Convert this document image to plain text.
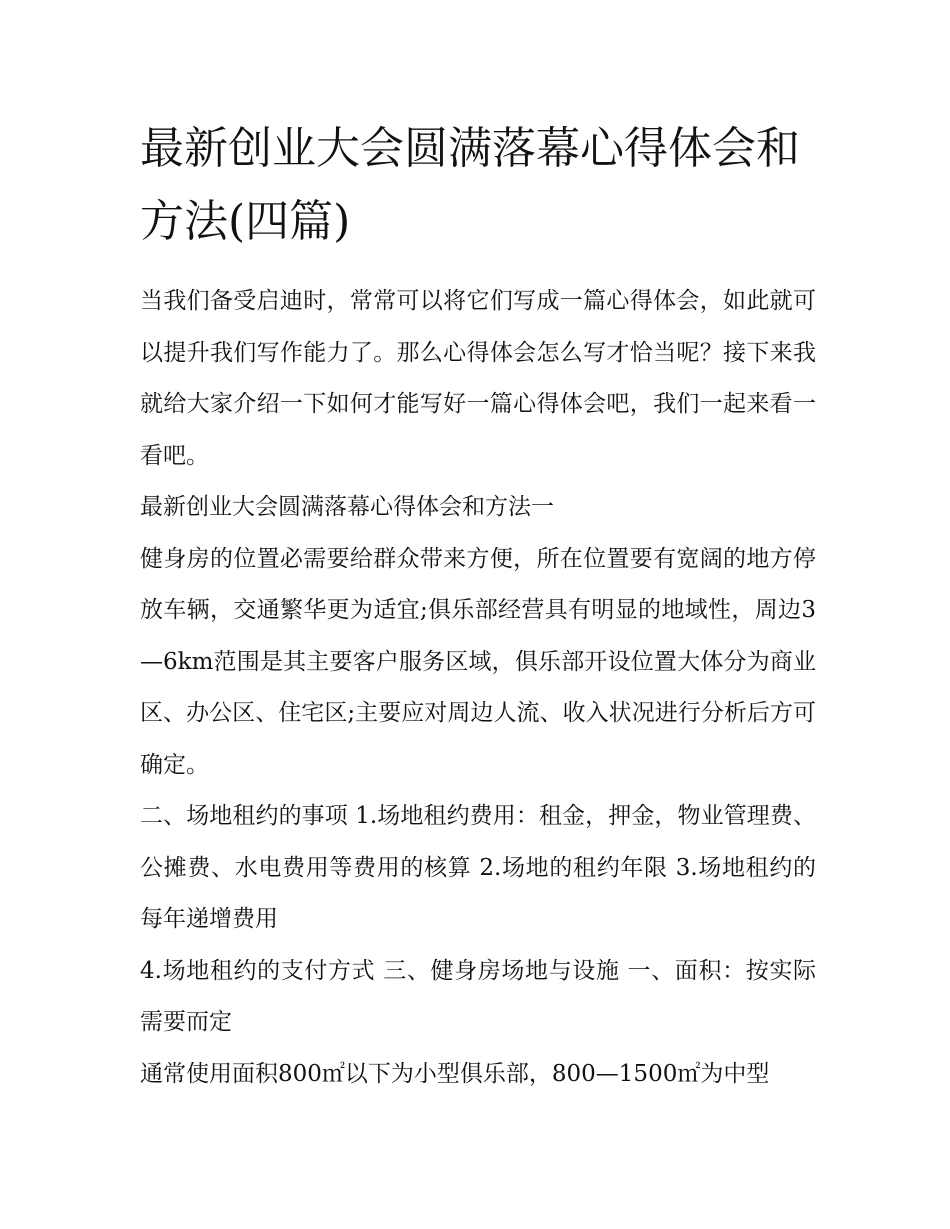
最新创业大会圆满落幕心得体会和方法(四篇)

当我们备受启迪时，常常可以将它们写成一篇心得体会，如此就可以提升我们写作能力了。那么心得体会怎么写才恰当呢？接下来我就给大家介绍一下如何才能写好一篇心得体会吧，我们一起来看一看吧。

最新创业大会圆满落幕心得体会和方法一

健身房的位置必需要给群众带来方便，所在位置要有宽阔的地方停放车辆，交通繁华更为适宜;俱乐部经营具有明显的地域性，周边3—6km范围是其主要客户服务区域，俱乐部开设位置大体分为商业区、办公区、住宅区;主要应对周边人流、收入状况进行分析后方可确定。

二、场地租约的事项 1.场地租约费用：租金，押金，物业管理费、公摊费、水电费用等费用的核算 2.场地的租约年限 3.场地租约的每年递增费用

4.场地租约的支付方式 三、健身房场地与设施 一、面积：按实际需要而定

通常使用面积800㎡以下为小型俱乐部，800—1500㎡为中型
